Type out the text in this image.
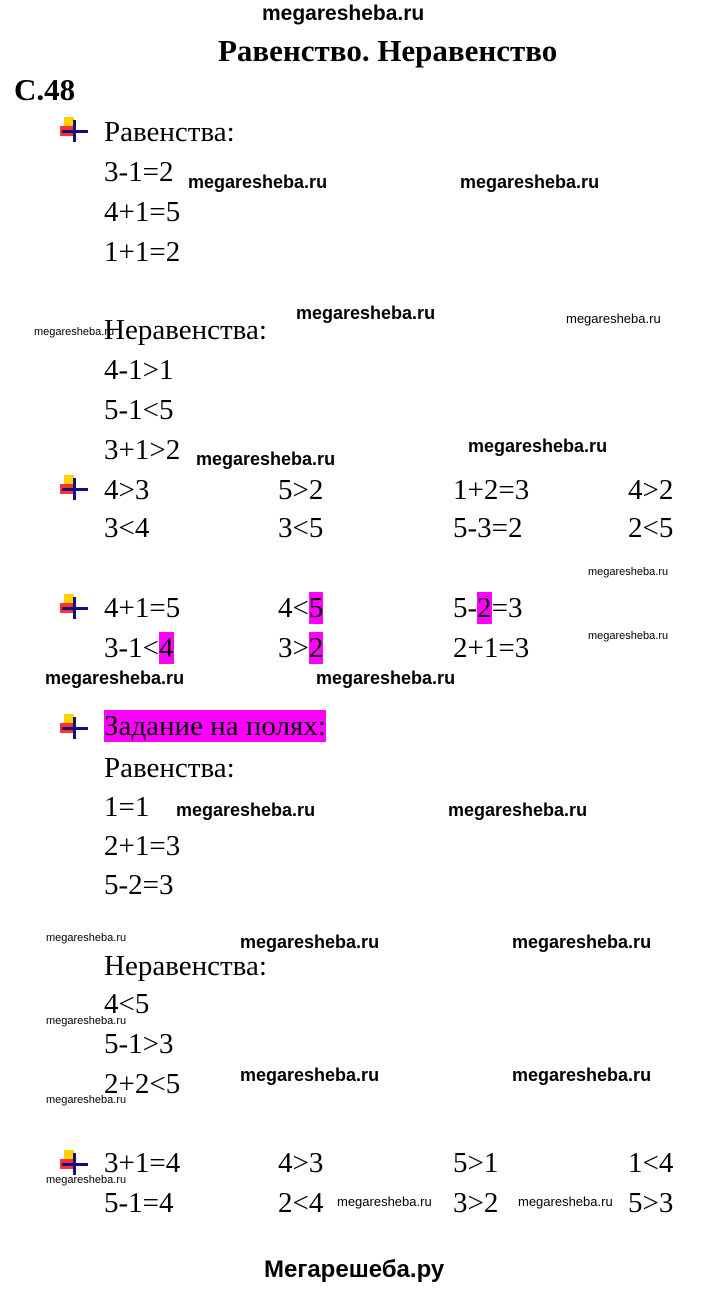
megaresheba.ru
Равенство. Неравенство
С.48
Равенства:
3-1=2
4+1=5
1+1=2
Неравенства:
4-1>1
5-1<5
3+1>2
4>3	5>2	1+2=3	4>2
3<4	3<5	5-3=2	2<5
4+1=5	4<5	5-2=3
3-1<4	3>2	2+1=3
Задание на полях:
Равенства:
1=1
2+1=3
5-2=3
Неравенства:
4<5
5-1>3
2+2<5
3+1=4	4>3	5>1	1<4
5-1=4	2<4	3>2	5>3
megaresheba.ru	megaresheba.ru
megaresheba.ru
megaresheba.ru
megaresheba.ru
megaresheba.ru	megaresheba.ru
megaresheba.ru	megaresheba.ru
megaresheba.ru	megaresheba.ru
megaresheba.ru	megaresheba.ru
megaresheba.ru
megaresheba.ru	megaresheba.ru
megaresheba.ru
megaresheba.ru
megaresheba.ru
megaresheba.ru
megaresheba.ru
megaresheba.ru
megaresheba.ru
Мегарешеба.ру
